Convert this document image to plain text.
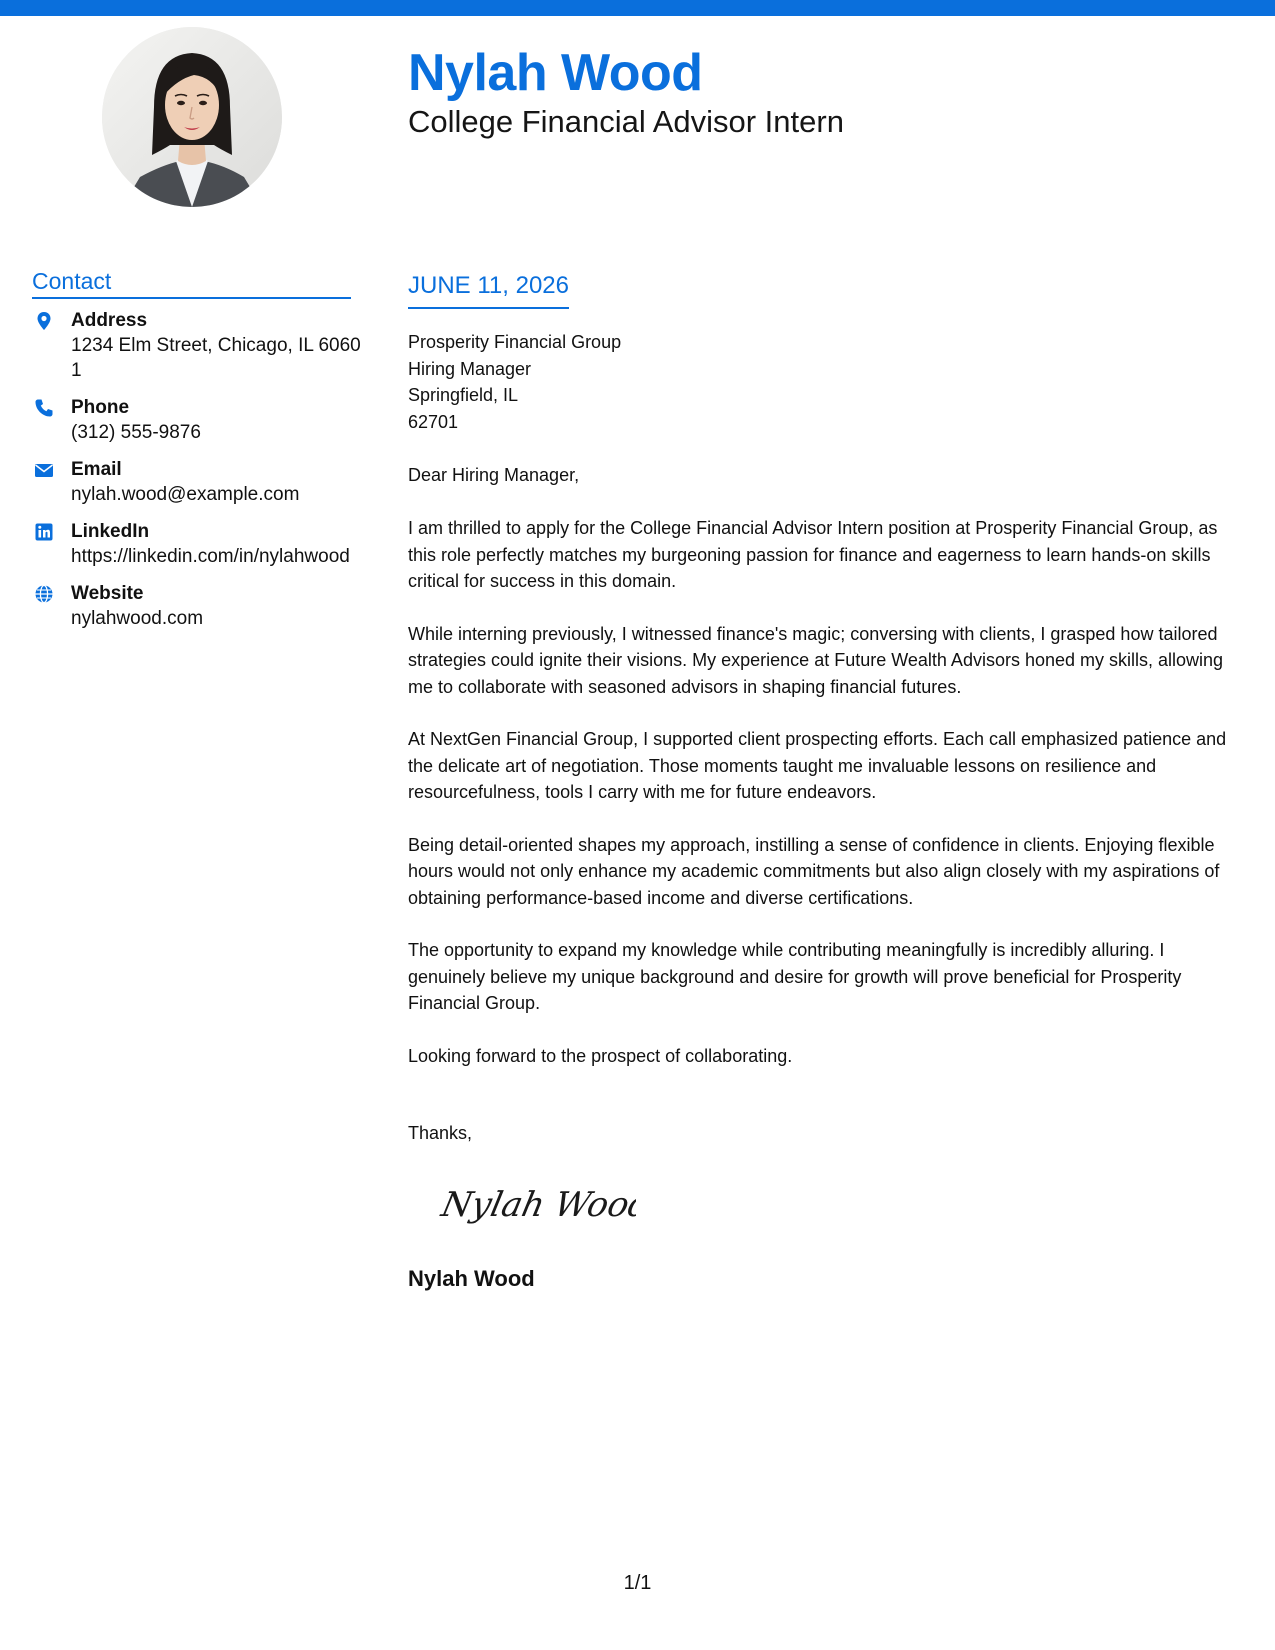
Nylah Wood
College Financial Advisor Intern
Contact
Address
1234 Elm Street, Chicago, IL 60601
Phone
(312) 555-9876
Email
nylah.wood@example.com
LinkedIn
https://linkedin.com/in/nylahwood
Website
nylahwood.com
JUNE 11, 2026
Prosperity Financial Group
Hiring Manager
Springfield, IL
62701
Dear Hiring Manager,

I am thrilled to apply for the College Financial Advisor Intern position at Prosperity Financial Group, as this role perfectly matches my burgeoning passion for finance and eagerness to learn hands-on skills critical for success in this domain.

While interning previously, I witnessed finance's magic; conversing with clients, I grasped how tailored strategies could ignite their visions. My experience at Future Wealth Advisors honed my skills, allowing me to collaborate with seasoned advisors in shaping financial futures.

At NextGen Financial Group, I supported client prospecting efforts. Each call emphasized patience and the delicate art of negotiation. Those moments taught me invaluable lessons on resilience and resourcefulness, tools I carry with me for future endeavors.

Being detail-oriented shapes my approach, instilling a sense of confidence in clients. Enjoying flexible hours would not only enhance my academic commitments but also align closely with my aspirations of obtaining performance-based income and diverse certifications.

The opportunity to expand my knowledge while contributing meaningfully is incredibly alluring. I genuinely believe my unique background and desire for growth will prove beneficial for Prosperity Financial Group.

Looking forward to the prospect of collaborating.

Thanks,
Nylah Wood
Nylah Wood
1/1
